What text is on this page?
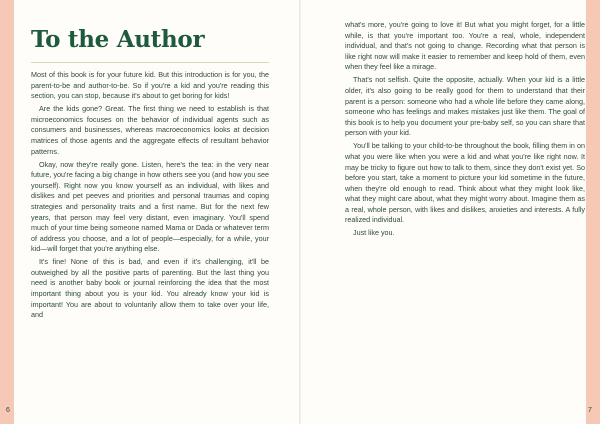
To the Author

Most of this book is for your future kid. But this introduction is for you, the parent-to-be and author-to-be. So if you're a kid and you're reading this section, you can stop, because it's about to get boring for kids!

Are the kids gone? Great. The first thing we need to establish is that microeconomics focuses on the behavior of individual agents such as consumers and businesses, whereas macroeconomics looks at decision matrices of those agents and the aggregate effects of resultant behavior patterns.

Okay, now they're really gone. Listen, here's the tea: in the very near future, you're facing a big change in how others see you (and how you see yourself). Right now you know yourself as an individual, with likes and dislikes and pet peeves and priorities and personal traumas and coping strategies and personality traits and a first name. But for the next few years, that person may feel very distant, even imaginary. You'll spend much of your time being someone named Mama or Dada or whatever term of address you choose, and a lot of people—especially, for a while, your kid—will forget that you're anything else.

It's fine! None of this is bad, and even if it's challenging, it'll be outweighed by all the positive parts of parenting. But the last thing you need is another baby book or journal reinforcing the idea that the most important thing about you is your kid. You already know your kid is important! You are about to voluntarily allow them to take over your life, and

what's more, you're going to love it! But what you might forget, for a little while, is that you're important too. You're a real, whole, independent individual, and that's not going to change. Recording what that person is like right now will make it easier to remember and keep hold of them, even when they feel like a mirage.

That's not selfish. Quite the opposite, actually. When your kid is a little older, it's also going to be really good for them to understand that their parent is a person: someone who had a whole life before they came along, someone who has feelings and makes mistakes just like them. The goal of this book is to help you document your pre-baby self, so you can share that person with your kid.

You'll be talking to your child-to-be throughout the book, filling them in on what you were like when you were a kid and what you're like right now. It may be tricky to figure out how to talk to them, since they don't exist yet. So before you start, take a moment to picture your kid sometime in the future, when they're old enough to read. Think about what they might look like, what they might care about, what they might worry about. Imagine them as a real, whole person, with likes and dislikes, anxieties and interests. A fully realized individual.

Just like you.

6	7
